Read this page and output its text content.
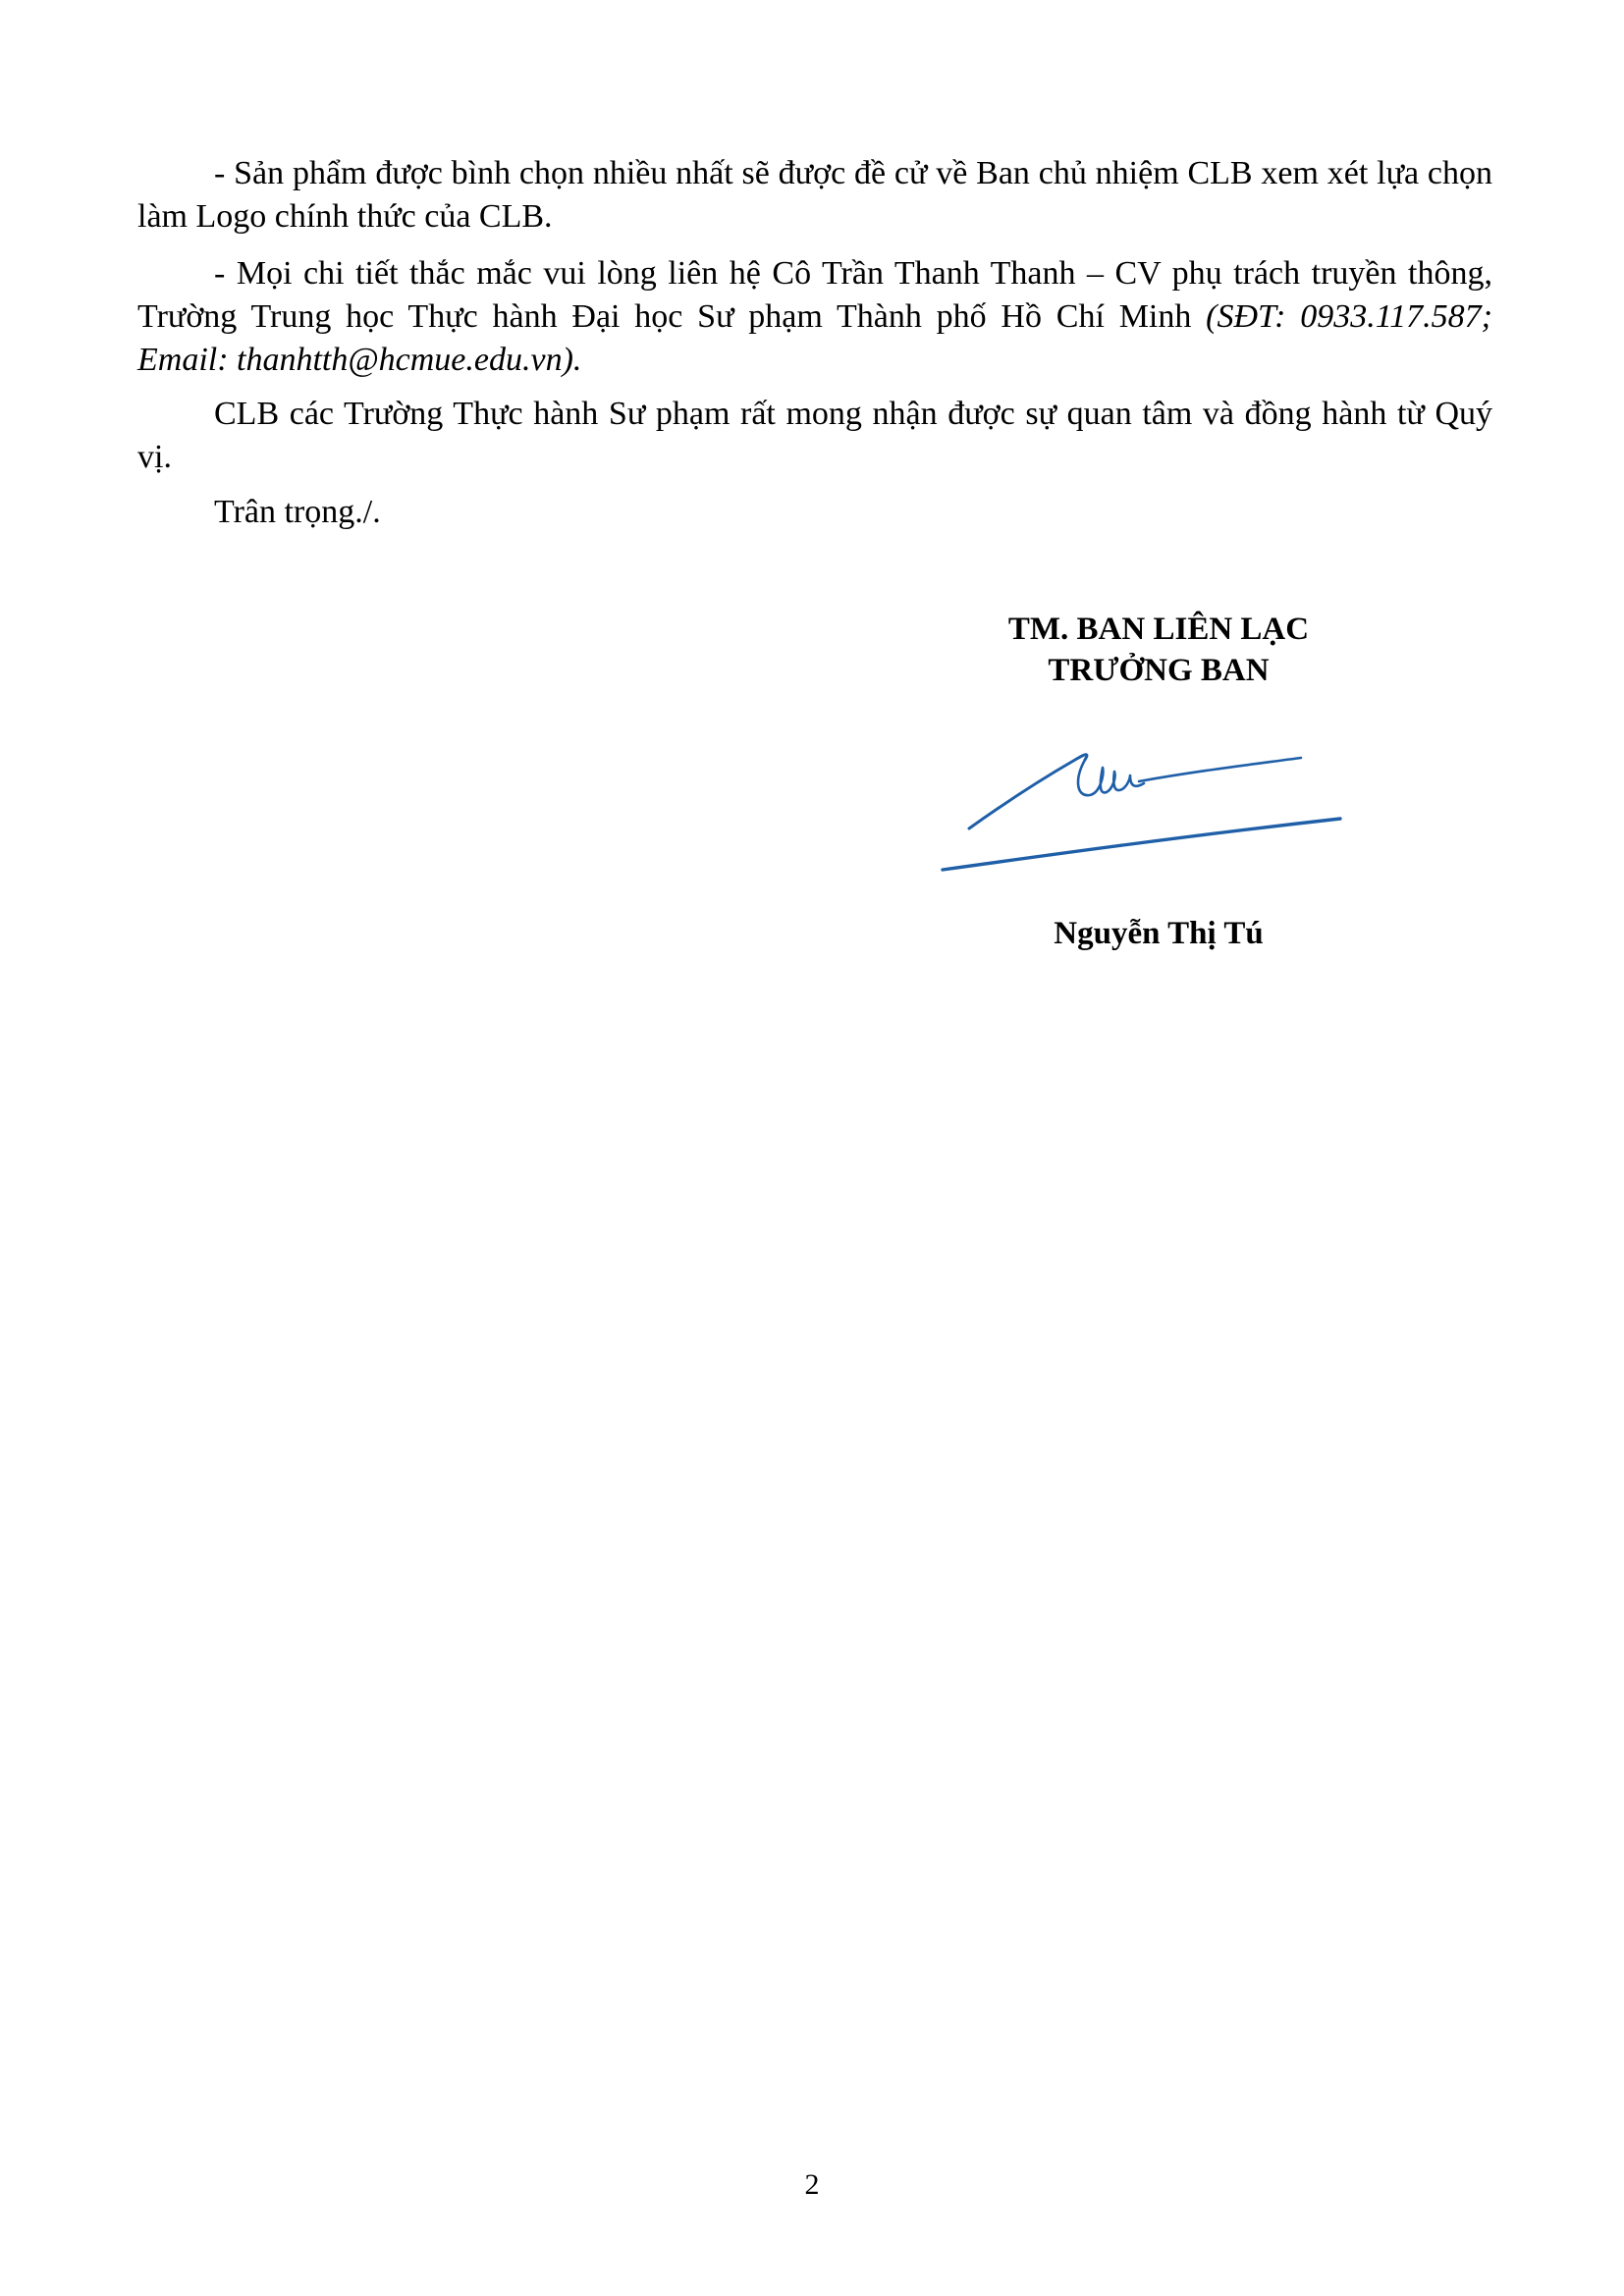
- Sản phẩm được bình chọn nhiều nhất sẽ được đề cử về Ban chủ nhiệm CLB xem xét lựa chọn làm Logo chính thức của CLB.
- Mọi chi tiết thắc mắc vui lòng liên hệ Cô Trần Thanh Thanh – CV phụ trách truyền thông, Trường Trung học Thực hành Đại học Sư phạm Thành phố Hồ Chí Minh (SĐT: 0933.117.587; Email: thanhtth@hcmue.edu.vn).
CLB các Trường Thực hành Sư phạm rất mong nhận được sự quan tâm và đồng hành từ Quý vị.
Trân trọng./.
TM. BAN LIÊN LẠC
TRƯỞNG BAN
Nguyễn Thị Tú
2
